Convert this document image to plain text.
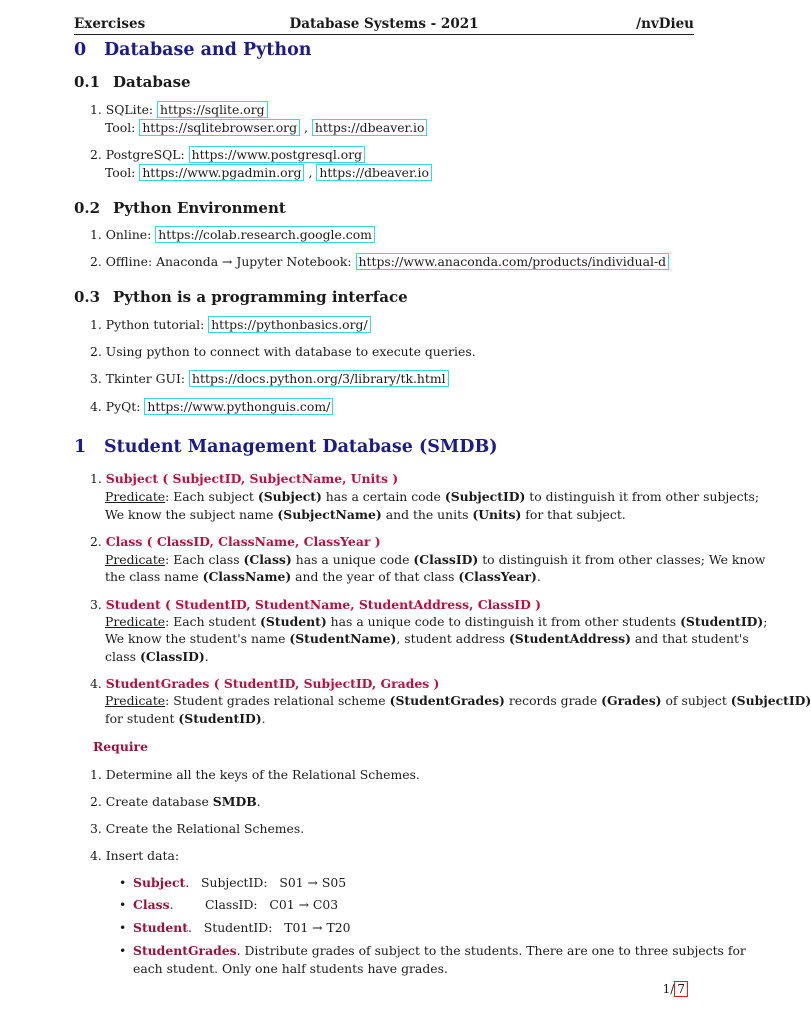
Exercises	Database Systems - 2021	/nvDieu
0 Database and Python
0.1 Database
1. SQLite: https://sqlite.org
Tool: https://sqlitebrowser.org , https://dbeaver.io
2. PostgreSQL: https://www.postgresql.org
Tool: https://www.pgadmin.org , https://dbeaver.io
0.2 Python Environment
1. Online: https://colab.research.google.com
2. Offline: Anaconda → Jupyter Notebook: https://www.anaconda.com/products/individual-d
0.3 Python is a programming interface
1. Python tutorial: https://pythonbasics.org/
2. Using python to connect with database to execute queries.
3. Tkinter GUI: https://docs.python.org/3/library/tk.html
4. PyQt: https://www.pythonguis.com/
1 Student Management Database (SMDB)
1. Subject ( SubjectID, SubjectName, Units )
Predicate: Each subject (Subject) has a certain code (SubjectID) to distinguish it from other subjects;
We know the subject name (SubjectName) and the units (Units) for that subject.
2. Class ( ClassID, ClassName, ClassYear )
Predicate: Each class (Class) has a unique code (ClassID) to distinguish it from other classes; We know
the class name (ClassName) and the year of that class (ClassYear).
3. Student ( StudentID, StudentName, StudentAddress, ClassID )
Predicate: Each student (Student) has a unique code to distinguish it from other students (StudentID);
We know the student's name (StudentName), student address (StudentAddress) and that student's
class (ClassID).
4. StudentGrades ( StudentID, SubjectID, Grades )
Predicate: Student grades relational scheme (StudentGrades) records grade (Grades) of subject (SubjectID)
for student (StudentID).
Require
1. Determine all the keys of the Relational Schemes.
2. Create database SMDB.
3. Create the Relational Schemes.
4. Insert data:
• Subject.   SubjectID:   S01 → S05
• Class.        ClassID:   C01 → C03
• Student.   StudentID:   T01 → T20
• StudentGrades. Distribute grades of subject to the students. There are one to three subjects for
each student. Only one half students have grades.
1/ 7
